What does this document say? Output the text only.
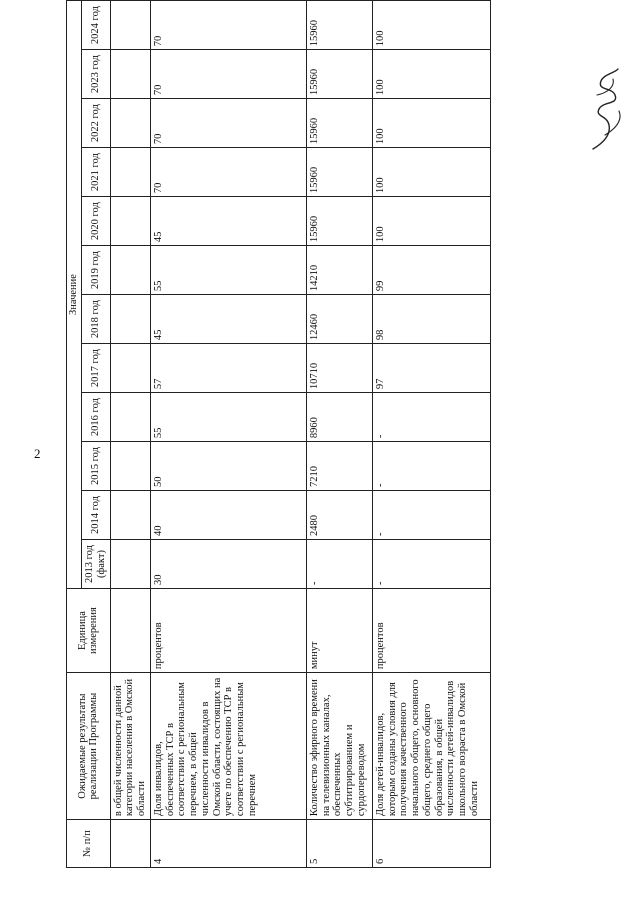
2
№ п/п	Ожидаемые результаты реализации Программы	Единица измерения	Значение											
			2013 год (факт)	2014 год	2015 год	2016 год	2017 год	2018 год	2019 год	2020 год	2021 год	2022 год	2023 год	2024 год
	в общей численности данной категории населения в Омской области													
4	Доля инвалидов, обеспеченных ТСР в соответствии с региональным перечнем, в общей численности инвалидов в Омской области, состоящих на учете по обеспечению ТСР в соответствии с региональным перечнем	процентов	30	40	50	55	57	45	55	45	70	70	70	70
5	Количество эфирного времени на телевизионных каналах, обеспеченных субтитрированием и сурдопереводом	минут	-	2480	7210	8960	10710	12460	14210	15960	15960	15960	15960	15960
6	Доля детей-инвалидов, которым созданы условия для получения качественного начального общего, основного общего, среднего общего образования, в общей численности детей-инвалидов школьного возраста в Омской области	процентов	-	-	-	-	97	98	99	100	100	100	100	100
